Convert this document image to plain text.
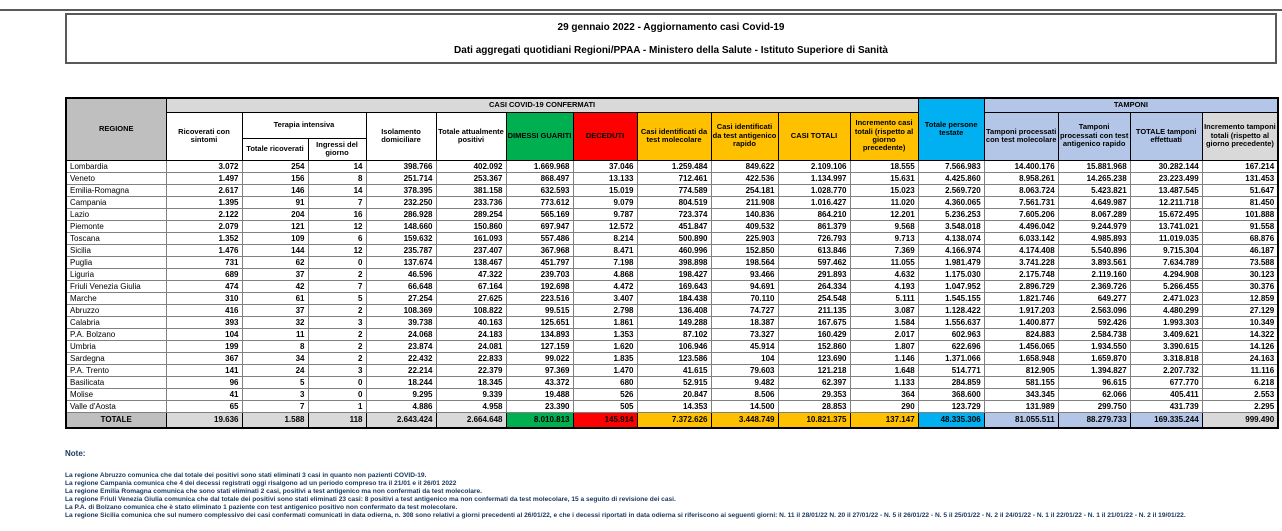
29 gennaio 2022 - Aggiornamento casi Covid-19
Dati aggregati quotidiani Regioni/PPAA - Ministero della Salute - Istituto Superiore di Sanità
REGIONE	CASI COVID-19 CONFERMATI											Totale persone testate	TAMPONI			
	Ricoverati con sintomi	Terapia intensiva		Isolamento domiciliare	Totale attualmente positivi	DIMESSI GUARITI	DECEDUTI	Casi identificati da test molecolare	Casi identificati da test antigenico rapido	CASI TOTALI	Incremento casi totali (rispetto al giorno precedente)		Tamponi processati con test molecolare	Tamponi processati con test antigenico rapido	TOTALE tamponi effettuati	Incremento tamponi totali (rispetto al giorno precedente)
		Totale ricoverati	Ingressi del giorno													
Lombardia	3.072	254	14	398.766	402.092	1.669.968	37.046	1.259.484	849.622	2.109.106	18.555	7.566.983	14.400.176	15.881.968	30.282.144	167.214
Veneto	1.497	156	8	251.714	253.367	868.497	13.133	712.461	422.536	1.134.997	15.631	4.425.860	8.958.261	14.265.238	23.223.499	131.453
Emilia-Romagna	2.617	146	14	378.395	381.158	632.593	15.019	774.589	254.181	1.028.770	15.023	2.569.720	8.063.724	5.423.821	13.487.545	51.647
Campania	1.395	91	7	232.250	233.736	773.612	9.079	804.519	211.908	1.016.427	11.020	4.360.065	7.561.731	4.649.987	12.211.718	81.450
Lazio	2.122	204	16	286.928	289.254	565.169	9.787	723.374	140.836	864.210	12.201	5.236.253	7.605.206	8.067.289	15.672.495	101.888
Piemonte	2.079	121	12	148.660	150.860	697.947	12.572	451.847	409.532	861.379	9.568	3.548.018	4.496.042	9.244.979	13.741.021	91.558
Toscana	1.352	109	6	159.632	161.093	557.486	8.214	500.890	225.903	726.793	9.713	4.138.074	6.033.142	4.985.893	11.019.035	68.876
Sicilia	1.476	144	12	235.787	237.407	367.968	8.471	460.996	152.850	613.846	7.369	4.166.974	4.174.408	5.540.896	9.715.304	46.187
Puglia	731	62	0	137.674	138.467	451.797	7.198	398.898	198.564	597.462	11.055	1.981.479	3.741.228	3.893.561	7.634.789	73.588
Liguria	689	37	2	46.596	47.322	239.703	4.868	198.427	93.466	291.893	4.632	1.175.030	2.175.748	2.119.160	4.294.908	30.123
Friuli Venezia Giulia	474	42	7	66.648	67.164	192.698	4.472	169.643	94.691	264.334	4.193	1.047.952	2.896.729	2.369.726	5.266.455	30.376
Marche	310	61	5	27.254	27.625	223.516	3.407	184.438	70.110	254.548	5.111	1.545.155	1.821.746	649.277	2.471.023	12.859
Abruzzo	416	37	2	108.369	108.822	99.515	2.798	136.408	74.727	211.135	3.087	1.128.422	1.917.203	2.563.096	4.480.299	27.129
Calabria	393	32	3	39.738	40.163	125.651	1.861	149.288	18.387	167.675	1.584	1.556.637	1.400.877	592.426	1.993.303	10.349
P.A. Bolzano	104	11	2	24.068	24.183	134.893	1.353	87.102	73.327	160.429	2.017	602.963	824.883	2.584.738	3.409.621	14.322
Umbria	199	8	2	23.874	24.081	127.159	1.620	106.946	45.914	152.860	1.807	622.696	1.456.065	1.934.550	3.390.615	14.126
Sardegna	367	34	2	22.432	22.833	99.022	1.835	123.586	104	123.690	1.146	1.371.066	1.658.948	1.659.870	3.318.818	24.163
P.A. Trento	141	24	3	22.214	22.379	97.369	1.470	41.615	79.603	121.218	1.648	514.771	812.905	1.394.827	2.207.732	11.116
Basilicata	96	5	0	18.244	18.345	43.372	680	52.915	9.482	62.397	1.133	284.859	581.155	96.615	677.770	6.218
Molise	41	3	0	9.295	9.339	19.488	526	20.847	8.506	29.353	364	368.600	343.345	62.066	405.411	2.553
Valle d'Aosta	65	7	1	4.886	4.958	23.390	505	14.353	14.500	28.853	290	123.729	131.989	299.750	431.739	2.295
TOTALE	19.636	1.588	118	2.643.424	2.664.648	8.010.813	145.914	7.372.626	3.448.749	10.821.375	137.147	48.335.306	81.055.511	88.279.733	169.335.244	999.490
Note:
La regione Abruzzo comunica che dal totale dei positivi sono stati eliminati 3 casi in quanto non pazienti COVID-19.
La regione Campania comunica che 4 dei decessi registrati oggi risalgono ad un periodo compreso tra il 21/01 e il 26/01 2022
La regione Emilia Romagna comunica che sono stati eliminati 2 casi, positivi a test antigenico ma non confermati da test molecolare.
La regione Friuli Venezia Giulia comunica che dal totale dei positivi sono stati eliminati 23 casi: 8 positivi a test antigenico ma non confermati da test molecolare, 15 a seguito di revisione dei casi.
La P.A. di Bolzano comunica che è stato eliminato 1 paziente con test antigenico positivo non confermato da test molecolare.
La regione Sicilia comunica che sul numero complessivo dei casi confermati comunicati in data odierna, n. 308 sono relativi a giorni precedenti al 26/01/22, e che i decessi riportati in data odierna si riferiscono ai seguenti giorni: N. 11 il 28/01/22 N. 20 il 27/01/22 - N. 5 il 26/01/22 - N. 5 il 25/01/22 - N. 2 il 24/01/22 - N. 1 il 22/01/22 - N. 1 il 21/01/22 - N. 2 il 19/01/22.
